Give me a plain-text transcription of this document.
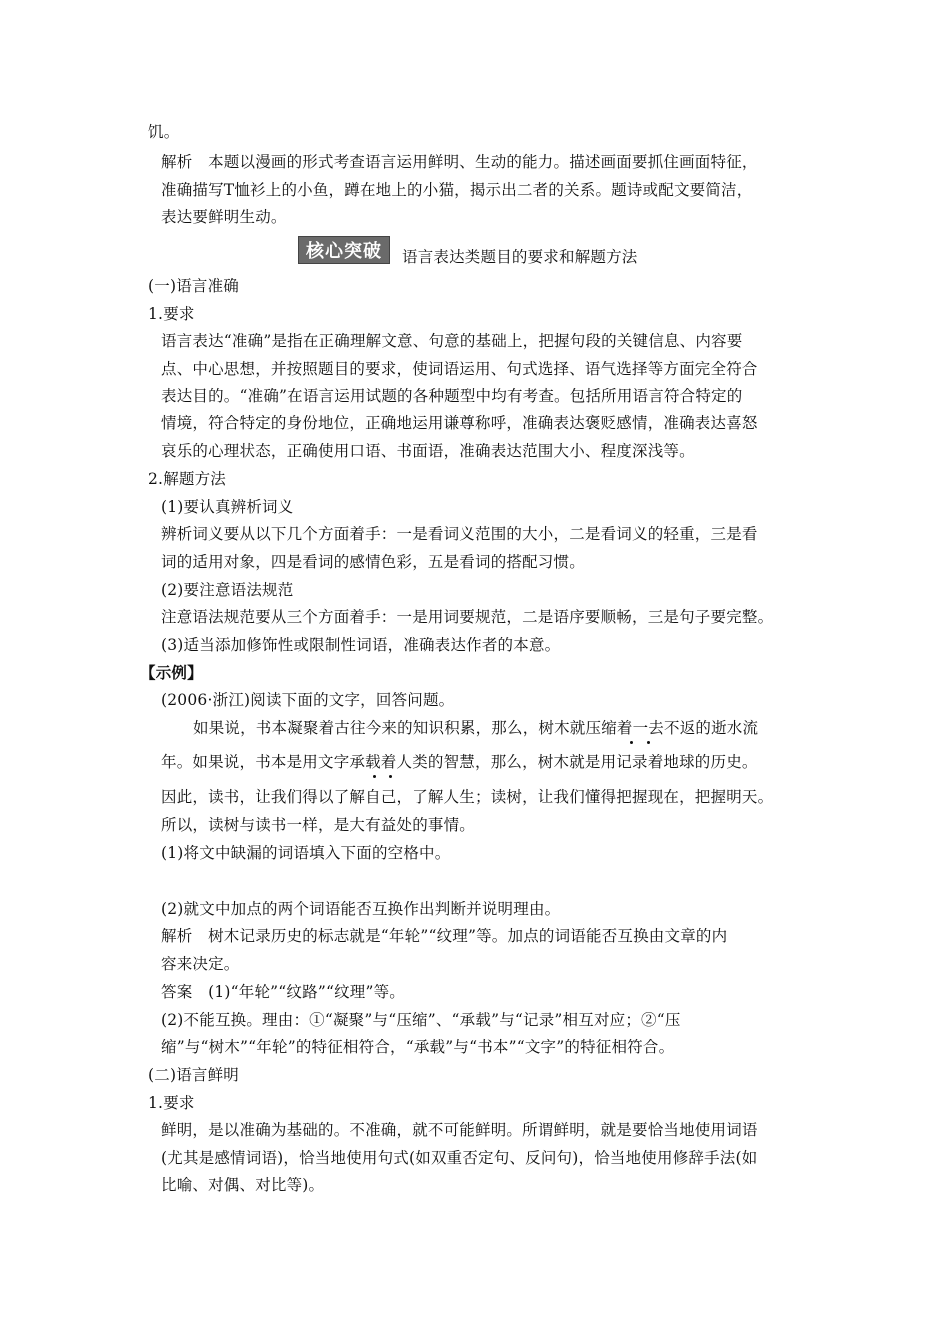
饥。
解析　本题以漫画的形式考查语言运用鲜明、生动的能力。描述画面要抓住画面特征，
准确描写T恤衫上的小鱼，蹲在地上的小猫，揭示出二者的关系。题诗或配文要简洁，
表达要鲜明生动。
核心突破 语言表达类题目的要求和解题方法
(一)语言准确
1.要求
语言表达“准确”是指在正确理解文意、句意的基础上，把握句段的关键信息、内容要
点、中心思想，并按照题目的要求，使词语运用、句式选择、语气选择等方面完全符合
表达目的。“准确”在语言运用试题的各种题型中均有考查。包括所用语言符合特定的
情境，符合特定的身份地位，正确地运用谦尊称呼，准确表达褒贬感情，准确表达喜怒
哀乐的心理状态，正确使用口语、书面语，准确表达范围大小、程度深浅等。
2.解题方法
(1)要认真辨析词义
辨析词义要从以下几个方面着手：一是看词义范围的大小，二是看词义的轻重，三是看
词的适用对象，四是看词的感情色彩，五是看词的搭配习惯。
(2)要注意语法规范
注意语法规范要从三个方面着手：一是用词要规范，二是语序要顺畅，三是句子要完整。
(3)适当添加修饰性或限制性词语，准确表达作者的本意。
【示例】
(2006·浙江)阅读下面的文字，回答问题。
如果说，书本凝聚着古往今来的知识积累，那么，树木就压缩着一去不返的逝水流
年。如果说，书本是用文字承载着人类的智慧，那么，树木就是用记录着地球的历史。
因此，读书，让我们得以了解自己，了解人生；读树，让我们懂得把握现在，把握明天。
所以，读树与读书一样，是大有益处的事情。
(1)将文中缺漏的词语填入下面的空格中。
(2)就文中加点的两个词语能否互换作出判断并说明理由。
解析　树木记录历史的标志就是“年轮”“纹理”等。加点的词语能否互换由文章的内
容来决定。
答案　(1)“年轮”“纹路”“纹理”等。
(2)不能互换。理由：①“凝聚”与“压缩”、“承载”与“记录”相互对应；②“压
缩”与“树木”“年轮”的特征相符合，“承载”与“书本”“文字”的特征相符合。
(二)语言鲜明
1.要求
鲜明，是以准确为基础的。不准确，就不可能鲜明。所谓鲜明，就是要恰当地使用词语
(尤其是感情词语)，恰当地使用句式(如双重否定句、反问句)，恰当地使用修辞手法(如
比喻、对偶、对比等)。
